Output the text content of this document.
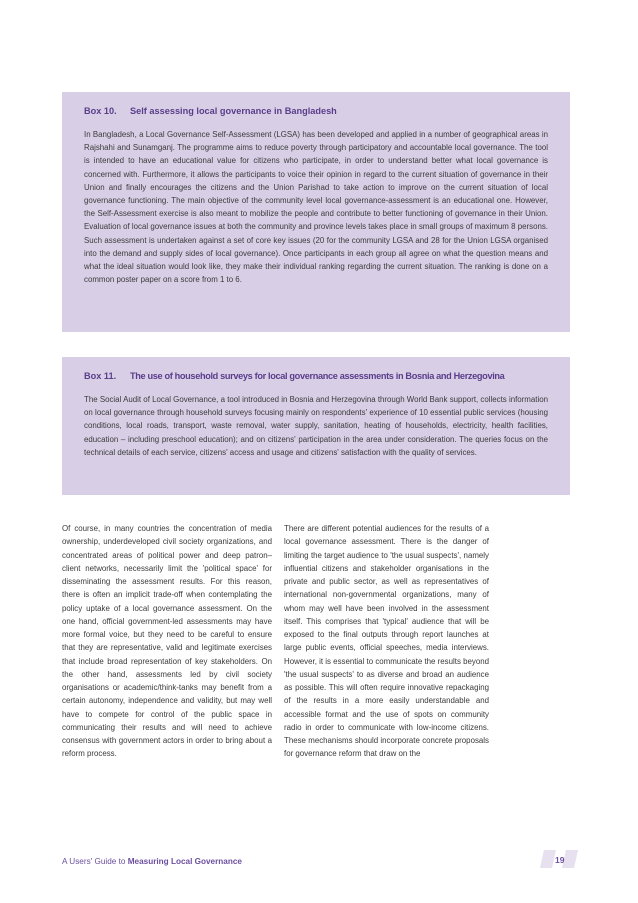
Box 10. Self assessing local governance in Bangladesh
In Bangladesh, a Local Governance Self-Assessment (LGSA) has been developed and applied in a number of geographical areas in Rajshahi and Sunamganj. The programme aims to reduce poverty through participatory and accountable local governance. The tool is intended to have an educational value for citizens who participate, in order to understand better what local governance is concerned with. Furthermore, it allows the participants to voice their opinion in regard to the current situation of governance in their Union and finally encourages the citizens and the Union Parishad to take action to improve on the current situation of local governance functioning. The main objective of the community level local governance-assessment is an educational one. However, the Self-Assessment exercise is also meant to mobilize the people and contribute to better functioning of governance in their Union. Evaluation of local governance issues at both the community and province levels takes place in small groups of maximum 8 persons. Such assessment is undertaken against a set of core key issues (20 for the community LGSA and 28 for the Union LGSA organised into the demand and supply sides of local governance). Once participants in each group all agree on what the question means and what the ideal situation would look like, they make their individual ranking regarding the current situation. The ranking is done on a common poster paper on a score from 1 to 6.
Box 11. The use of household surveys for local governance assessments in Bosnia and Herzegovina
The Social Audit of Local Governance, a tool introduced in Bosnia and Herzegovina through World Bank support, collects information on local governance through household surveys focusing mainly on respondents' experience of 10 essential public services (housing conditions, local roads, transport, waste removal, water supply, sanitation, heating of households, electricity, health facilities, education – including preschool education); and on citizens' participation in the area under consideration. The queries focus on the technical details of each service, citizens' access and usage and citizens' satisfaction with the quality of services.
Of course, in many countries the concentration of media ownership, underdeveloped civil society organizations, and concentrated areas of political power and deep patron–client networks, necessarily limit the 'political space' for disseminating the assessment results. For this reason, there is often an implicit trade-off when contemplating the policy uptake of a local governance assessment. On the one hand, official government-led assessments may have more formal voice, but they need to be careful to ensure that they are representative, valid and legitimate exercises that include broad representation of key stakeholders. On the other hand, assessments led by civil society organisations or academic/think-tanks may benefit from a certain autonomy, independence and validity, but may well have to compete for control of the public space in communicating their results and will need to achieve consensus with government actors in order to bring about a reform process.
There are different potential audiences for the results of a local governance assessment. There is the danger of limiting the target audience to 'the usual suspects', namely influential citizens and stakeholder organisations in the private and public sector, as well as representatives of international non-governmental organizations, many of whom may well have been involved in the assessment itself. This comprises that 'typical' audience that will be exposed to the final outputs through report launches at large public events, official speeches, media interviews. However, it is essential to communicate the results beyond 'the usual suspects' to as diverse and broad an audience as possible. This will often require innovative repackaging of the results in a more easily understandable and accessible format and the use of spots on community radio in order to communicate with low-income citizens. These mechanisms should incorporate concrete proposals for governance reform that draw on the
A Users' Guide to Measuring Local Governance	19
